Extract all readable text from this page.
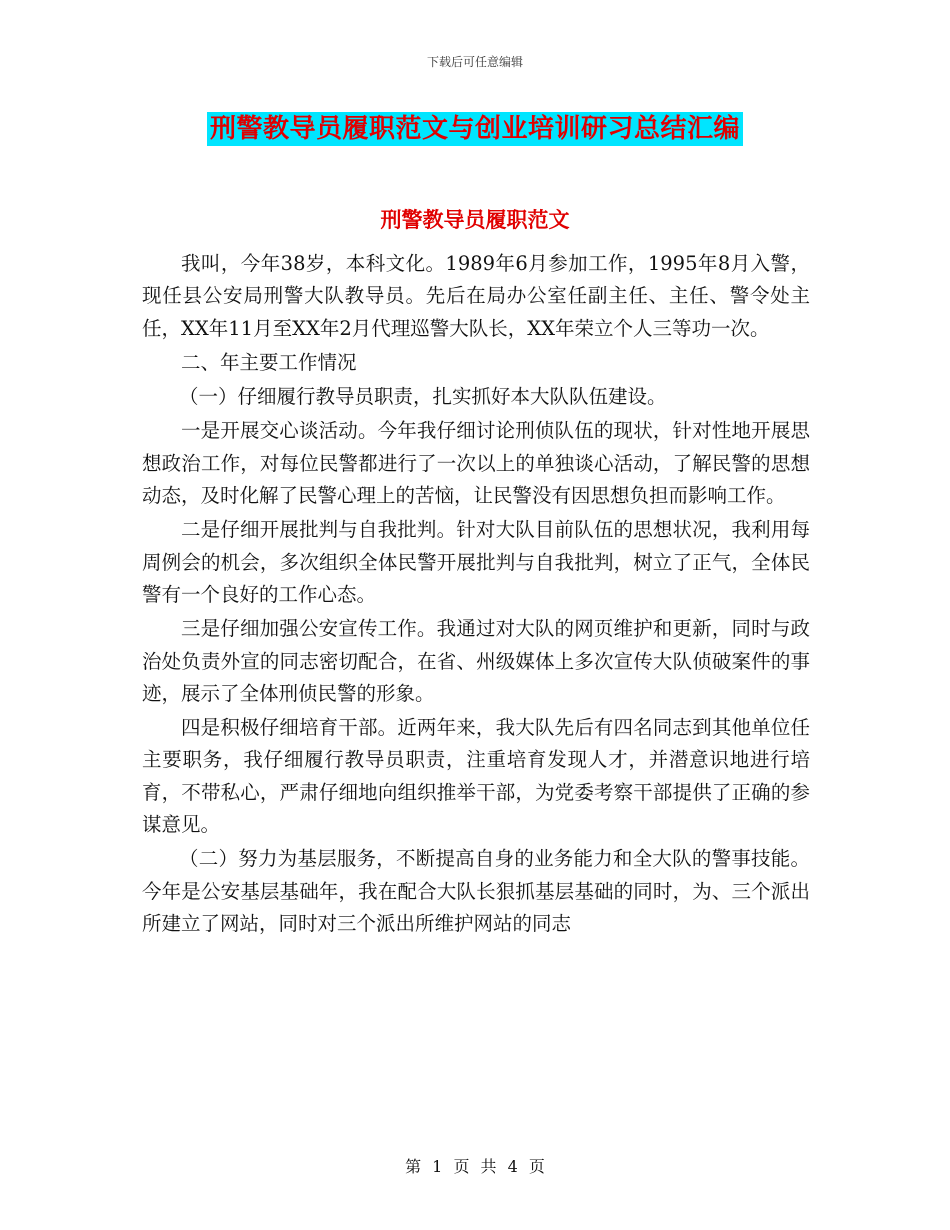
下载后可任意编辑
刑警教导员履职范文与创业培训研习总结汇编
刑警教导员履职范文

我叫，今年38岁，本科文化。1989年6月参加工作，1995年8月入警，现任县公安局刑警大队教导员。先后在局办公室任副主任、主任、警令处主任，XX年11月至XX年2月代理巡警大队长，XX年荣立个人三等功一次。

二、年主要工作情况

（一）仔细履行教导员职责，扎实抓好本大队队伍建设。

一是开展交心谈活动。今年我仔细讨论刑侦队伍的现状，针对性地开展思想政治工作，对每位民警都进行了一次以上的单独谈心活动，了解民警的思想动态，及时化解了民警心理上的苦恼，让民警没有因思想负担而影响工作。

二是仔细开展批判与自我批判。针对大队目前队伍的思想状况，我利用每周例会的机会，多次组织全体民警开展批判与自我批判，树立了正气，全体民警有一个良好的工作心态。

三是仔细加强公安宣传工作。我通过对大队的网页维护和更新，同时与政治处负责外宣的同志密切配合，在省、州级媒体上多次宣传大队侦破案件的事迹，展示了全体刑侦民警的形象。

四是积极仔细培育干部。近两年来，我大队先后有四名同志到其他单位任主要职务，我仔细履行教导员职责，注重培育发现人才，并潜意识地进行培育，不带私心，严肃仔细地向组织推举干部，为党委考察干部提供了正确的参谋意见。

（二）努力为基层服务，不断提高自身的业务能力和全大队的警事技能。今年是公安基层基础年，我在配合大队长狠抓基层基础的同时，为、三个派出所建立了网站，同时对三个派出所维护网站的同志

第 1 页 共 4 页
